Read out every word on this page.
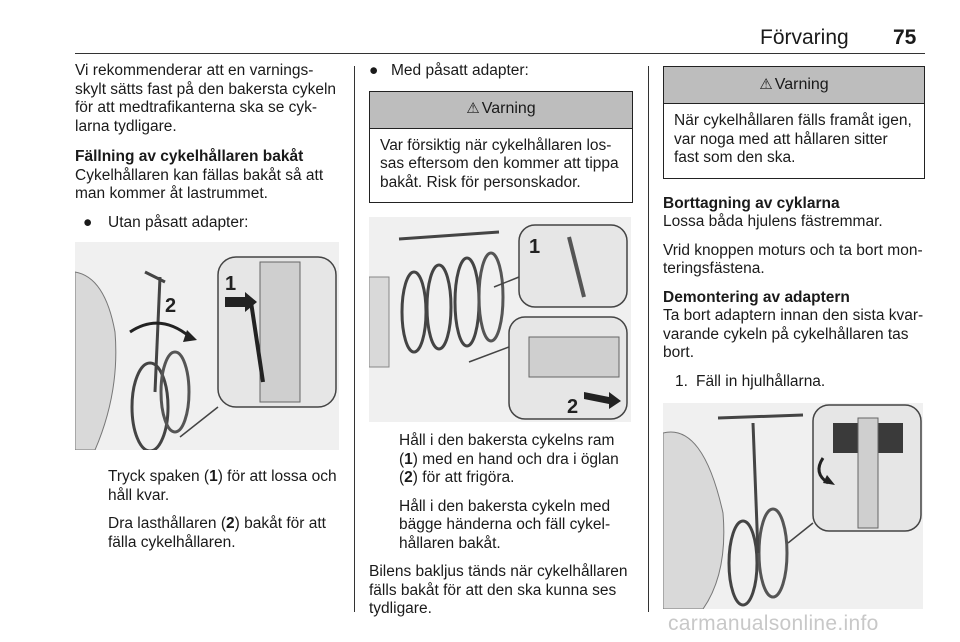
Förvaring 75

Vi rekommenderar att en varnings-skylt sätts fast på den bakersta cykeln för att medtrafikanterna ska se cyk-larna tydligare.

Fällning av cykelhållaren bakåt

Cykelhållaren kan fällas bakåt så att man kommer åt lastrummet.

●	Utan påsatt adapter:
2
1

Tryck spaken (1) för att lossa och håll kvar.

Dra lasthållaren (2) bakåt för att fälla cykelhållaren.

● Med påsatt adapter:
⚠ Varning
Var försiktig när cykelhållaren los-sas eftersom den kommer att tippa bakåt. Risk för personskador.
1
2

Håll i den bakersta cykelns ram (1) med en hand och dra i öglan (2) för att frigöra.

Håll i den bakersta cykeln med bägge händerna och fäll cykel-hållaren bakåt.

Bilens bakljus tänds när cykelhållaren fälls bakåt för att den ska kunna ses tydligare.

⚠ Varning
När cykelhållaren fälls framåt igen, var noga med att hållaren sitter fast som den ska.
Borttagning av cyklarna

Lossa båda hjulens fästremmar.

Vrid knoppen moturs och ta bort mon-teringsfästena.

Demontering av adaptern

Ta bort adaptern innan den sista kvar-varande cykeln på cykelhållaren tas bort.

1. Fäll in hjulhållarna.
carmanualsonline.info
